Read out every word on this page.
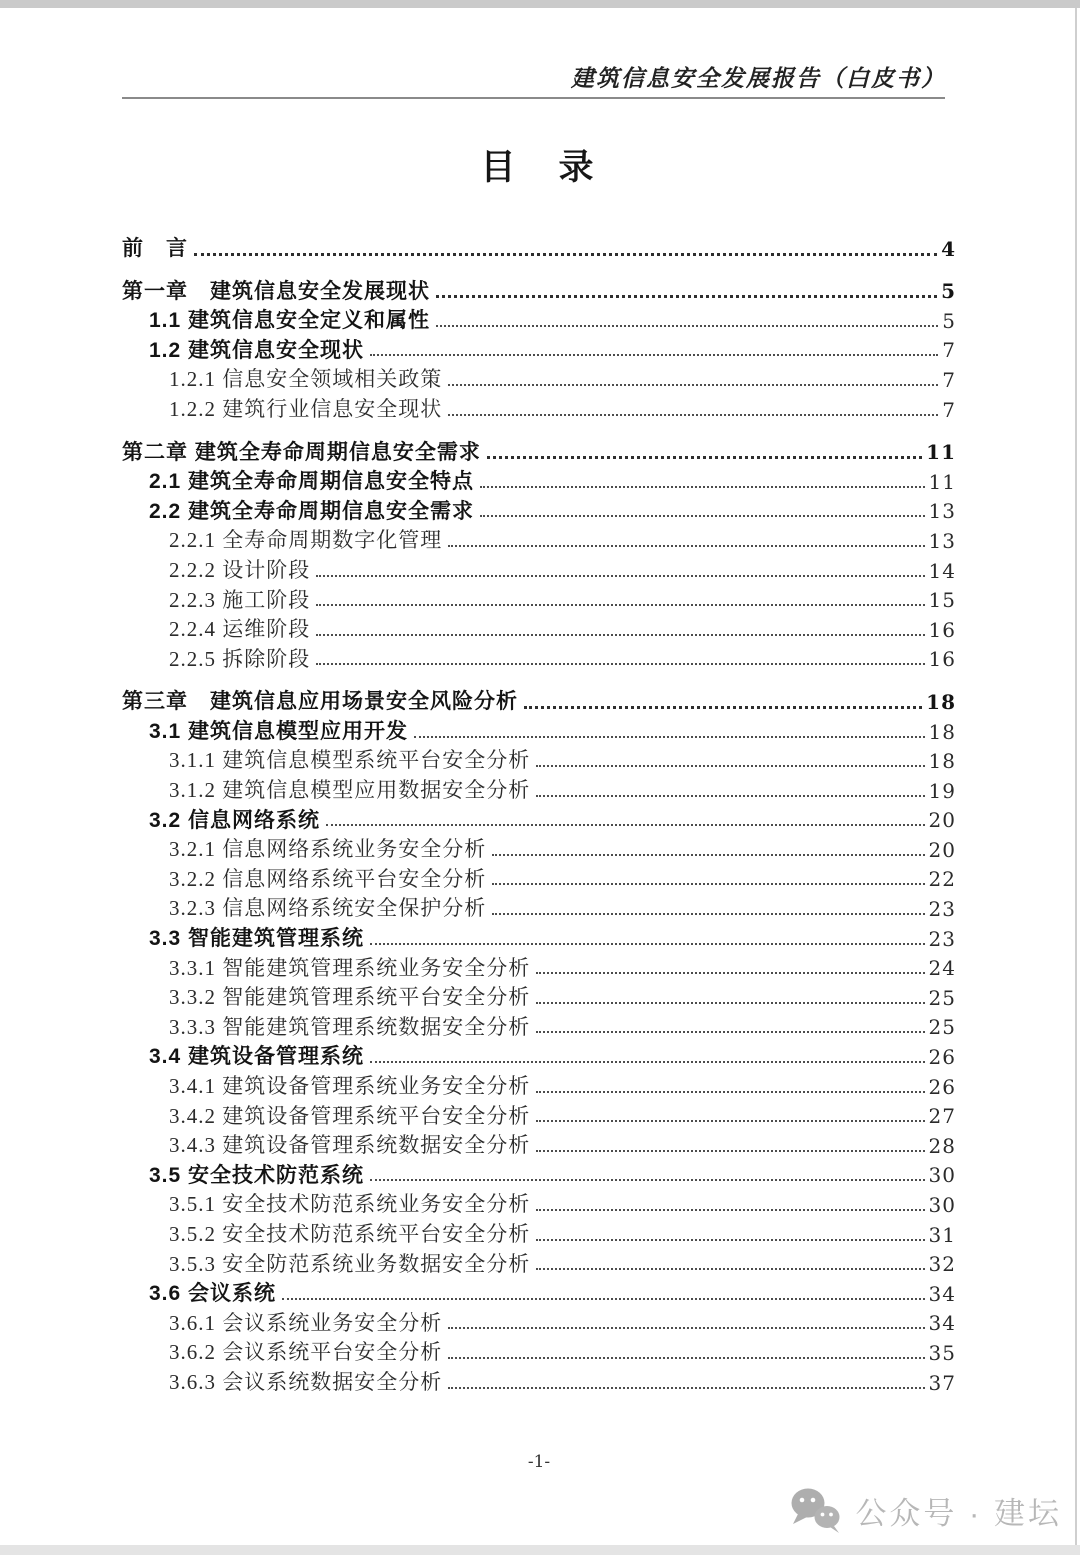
建筑信息安全发展报告（白皮书）
目　录
前　言	4
第一章　建筑信息安全发展现状	5
1.1 建筑信息安全定义和属性	5
1.2 建筑信息安全现状	7
1.2.1 信息安全领域相关政策	7
1.2.2 建筑行业信息安全现状	7
第二章 建筑全寿命周期信息安全需求	11
2.1 建筑全寿命周期信息安全特点	11
2.2 建筑全寿命周期信息安全需求	13
2.2.1 全寿命周期数字化管理	13
2.2.2 设计阶段	14
2.2.3 施工阶段	15
2.2.4 运维阶段	16
2.2.5 拆除阶段	16
第三章　建筑信息应用场景安全风险分析	18
3.1 建筑信息模型应用开发	18
3.1.1 建筑信息模型系统平台安全分析	18
3.1.2 建筑信息模型应用数据安全分析	19
3.2 信息网络系统	20
3.2.1 信息网络系统业务安全分析	20
3.2.2 信息网络系统平台安全分析	22
3.2.3 信息网络系统安全保护分析	23
3.3 智能建筑管理系统	23
3.3.1 智能建筑管理系统业务安全分析	24
3.3.2 智能建筑管理系统平台安全分析	25
3.3.3 智能建筑管理系统数据安全分析	25
3.4 建筑设备管理系统	26
3.4.1 建筑设备管理系统业务安全分析	26
3.4.2 建筑设备管理系统平台安全分析	27
3.4.3 建筑设备管理系统数据安全分析	28
3.5 安全技术防范系统	30
3.5.1 安全技术防范系统业务安全分析	30
3.5.2 安全技术防范系统平台安全分析	31
3.5.3 安全防范系统业务数据安全分析	32
3.6 会议系统	34
3.6.1 会议系统业务安全分析	34
3.6.2 会议系统平台安全分析	35
3.6.3 会议系统数据安全分析	37
-1-
公众号 · 建坛
